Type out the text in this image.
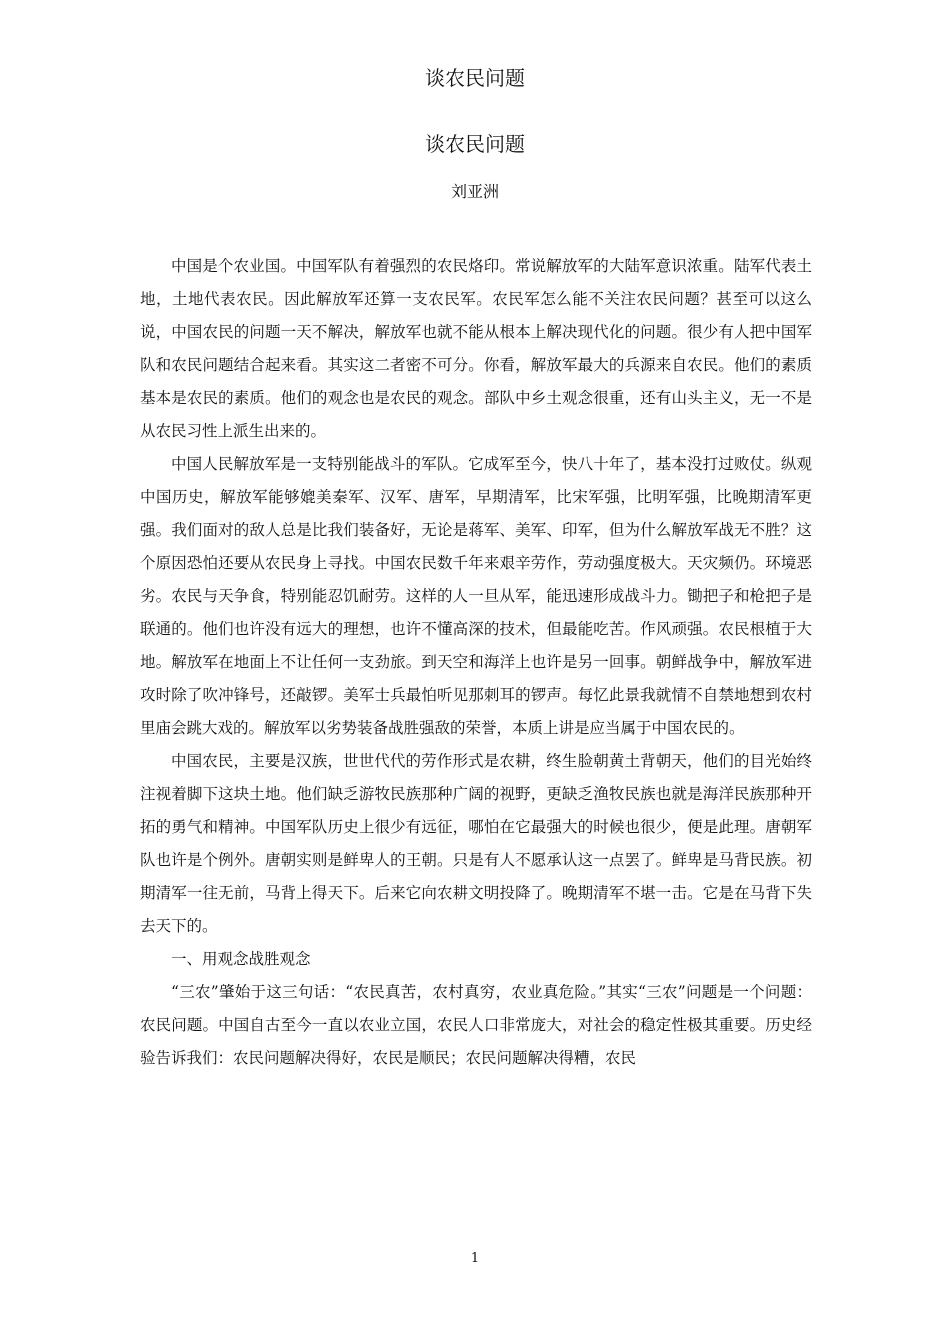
谈农民问题
谈农民问题
刘亚洲

中国是个农业国。中国军队有着强烈的农民烙印。常说解放军的大陆军意识浓重。陆军代表土地，土地代表农民。因此解放军还算一支农民军。农民军怎么能不关注农民问题？甚至可以这么说，中国农民的问题一天不解决，解放军也就不能从根本上解决现代化的问题。很少有人把中国军队和农民问题结合起来看。其实这二者密不可分。你看，解放军最大的兵源来自农民。他们的素质基本是农民的素质。他们的观念也是农民的观念。部队中乡土观念很重，还有山头主义，无一不是从农民习性上派生出来的。

中国人民解放军是一支特别能战斗的军队。它成军至今，快八十年了，基本没打过败仗。纵观中国历史，解放军能够媲美秦军、汉军、唐军，早期清军，比宋军强，比明军强，比晚期清军更强。我们面对的敌人总是比我们装备好，无论是蒋军、美军、印军，但为什么解放军战无不胜？这个原因恐怕还要从农民身上寻找。中国农民数千年来艰辛劳作，劳动强度极大。天灾频仍。环境恶劣。农民与天争食，特别能忍饥耐劳。这样的人一旦从军，能迅速形成战斗力。锄把子和枪把子是联通的。他们也许没有远大的理想，也许不懂高深的技术，但最能吃苦。作风顽强。农民根植于大地。解放军在地面上不让任何一支劲旅。到天空和海洋上也许是另一回事。朝鲜战争中，解放军进攻时除了吹冲锋号，还敲锣。美军士兵最怕听见那刺耳的锣声。每忆此景我就情不自禁地想到农村里庙会跳大戏的。解放军以劣势装备战胜强敌的荣誉，本质上讲是应当属于中国农民的。

中国农民，主要是汉族，世世代代的劳作形式是农耕，终生脸朝黄土背朝天，他们的目光始终注视着脚下这块土地。他们缺乏游牧民族那种广阔的视野，更缺乏渔牧民族也就是海洋民族那种开拓的勇气和精神。中国军队历史上很少有远征，哪怕在它最强大的时候也很少，便是此理。唐朝军队也许是个例外。唐朝实则是鲜卑人的王朝。只是有人不愿承认这一点罢了。鲜卑是马背民族。初期清军一往无前，马背上得天下。后来它向农耕文明投降了。晚期清军不堪一击。它是在马背下失去天下的。

一、用观念战胜观念

“三农”肇始于这三句话：“农民真苦，农村真穷，农业真危险。”其实“三农”问题是一个问题：农民问题。中国自古至今一直以农业立国，农民人口非常庞大，对社会的稳定性极其重要。历史经验告诉我们：农民问题解决得好，农民是顺民；农民问题解决得糟，农民

1
